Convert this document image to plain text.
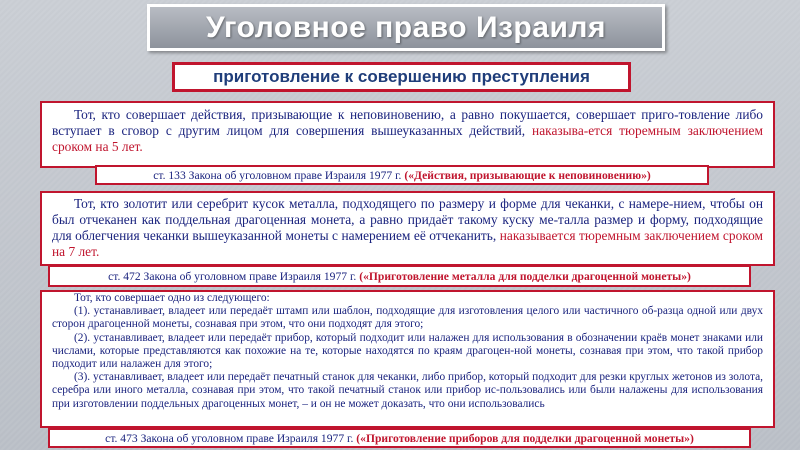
Уголовное право Израиля
приготовление к совершению преступления

Тот, кто совершает действия, призывающие к неповиновению, а равно покушается, совершает приго-товление либо вступает в сговор с другим лицом для совершения вышеуказанных действий, наказыва-ется тюремным заключением сроком на 5 лет.

ст. 133 Закона об уголовном праве Израиля 1977 г.
(«Действия, призывающие к неповиновению»)

Тот, кто золотит или серебрит кусок металла, подходящего по размеру и форме для чеканки, с намере-нием, чтобы он был отчеканен как поддельная драгоценная монета, а равно придаёт такому куску ме-талла размер и форму, подходящие для облегчения чеканки вышеуказанной монеты с намерением её отчеканить, наказывается тюремным заключением сроком на 7 лет.

ст. 472 Закона об уголовном праве Израиля 1977 г.
(«Приготовление металла для подделки драгоценной монеты»)

Тот, кто совершает одно из следующего:

(1). устанавливает, владеет или передаёт штамп или шаблон, подходящие для изготовления целого или частичного об-разца одной или двух сторон драгоценной монеты, сознавая при этом, что они подходят для этого;

(2). устанавливает, владеет или передаёт прибор, который подходит или налажен для использования в обозначении краёв монет знаками или числами, которые представляются как похожие на те, которые находятся по краям драгоцен-ной монеты, сознавая при этом, что такой прибор подходит или налажен для этого;

(3). устанавливает, владеет или передаёт печатный станок для чеканки, либо прибор, который подходит для резки круглых жетонов из золота, серебра или иного металла, сознавая при этом, что такой печатный станок или прибор ис-пользовались или были налажены для использования при изготовлении поддельных драгоценных монет, – и он не может доказать, что они использовались

ст. 473 Закона об уголовном праве Израиля 1977 г.
(«Приготовление приборов для подделки драгоценной монеты»)
